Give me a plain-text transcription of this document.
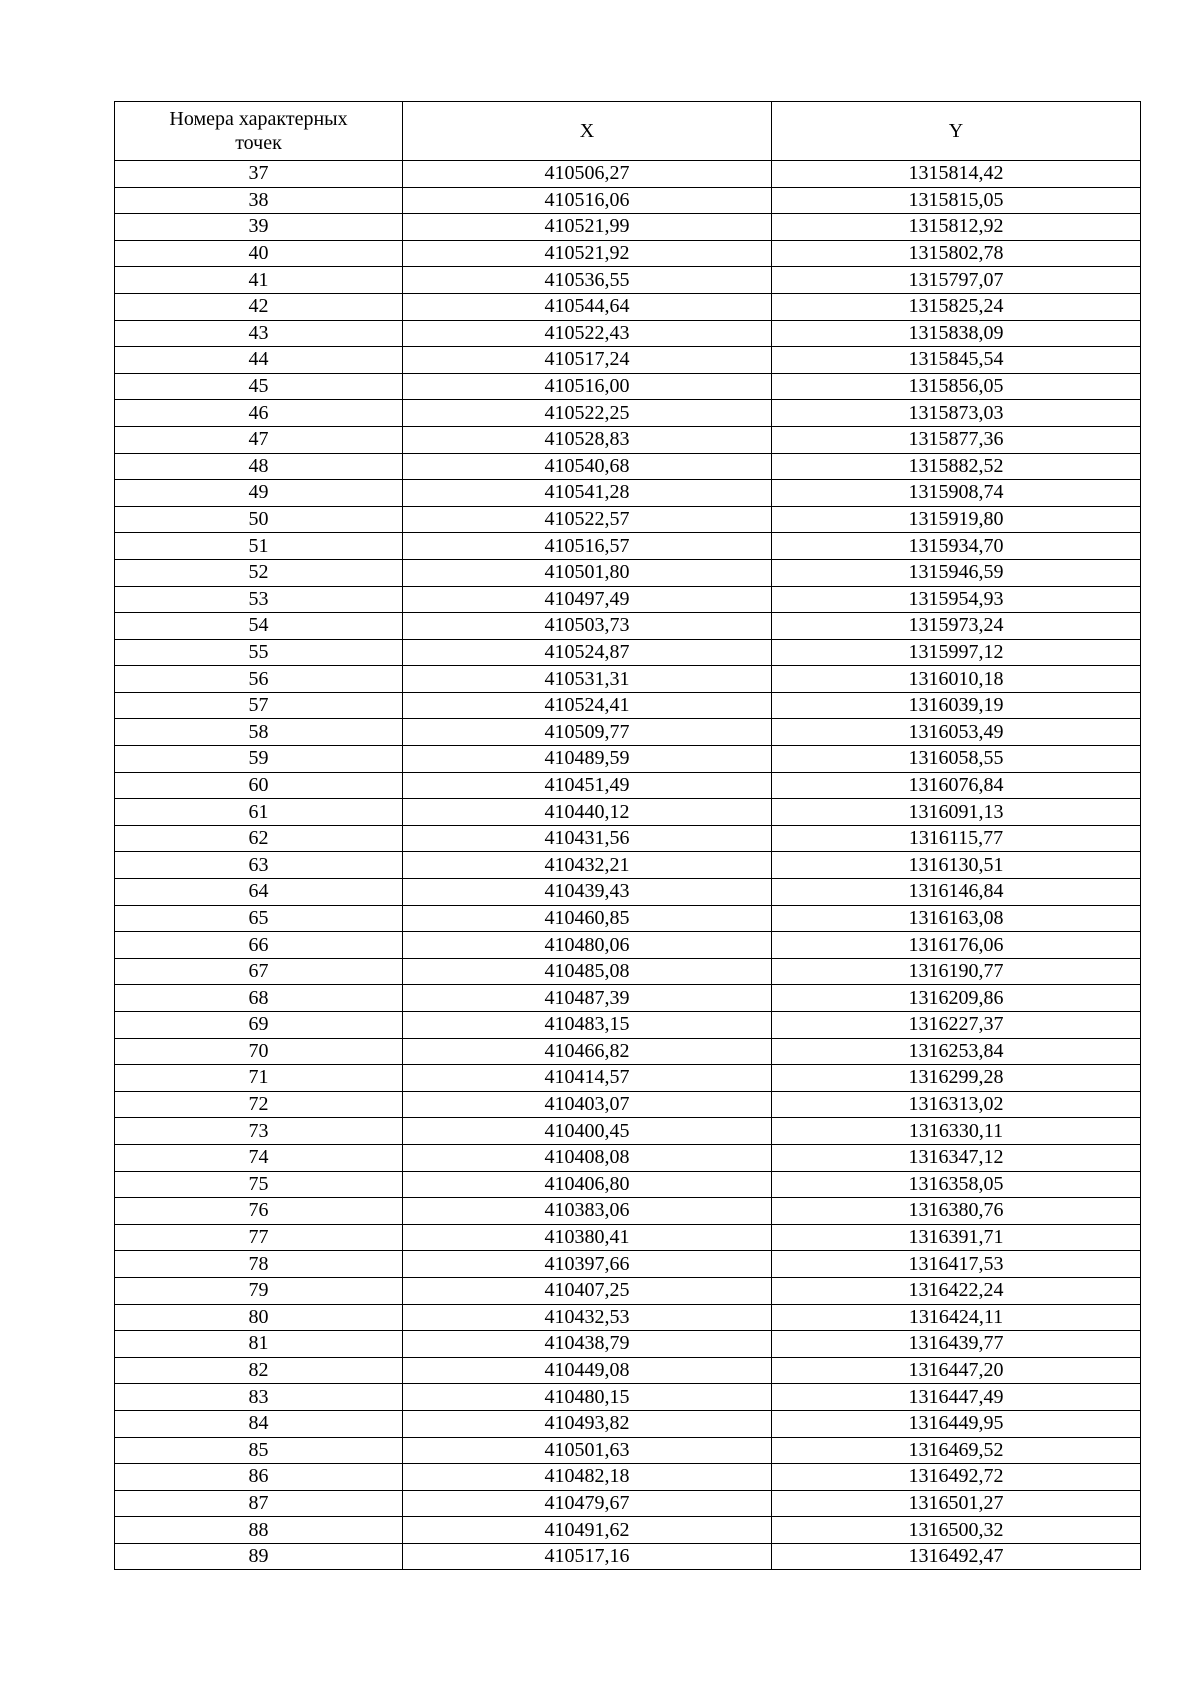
Номера характерных точек	X	Y
37	410506,27	1315814,42
38	410516,06	1315815,05
39	410521,99	1315812,92
40	410521,92	1315802,78
41	410536,55	1315797,07
42	410544,64	1315825,24
43	410522,43	1315838,09
44	410517,24	1315845,54
45	410516,00	1315856,05
46	410522,25	1315873,03
47	410528,83	1315877,36
48	410540,68	1315882,52
49	410541,28	1315908,74
50	410522,57	1315919,80
51	410516,57	1315934,70
52	410501,80	1315946,59
53	410497,49	1315954,93
54	410503,73	1315973,24
55	410524,87	1315997,12
56	410531,31	1316010,18
57	410524,41	1316039,19
58	410509,77	1316053,49
59	410489,59	1316058,55
60	410451,49	1316076,84
61	410440,12	1316091,13
62	410431,56	1316115,77
63	410432,21	1316130,51
64	410439,43	1316146,84
65	410460,85	1316163,08
66	410480,06	1316176,06
67	410485,08	1316190,77
68	410487,39	1316209,86
69	410483,15	1316227,37
70	410466,82	1316253,84
71	410414,57	1316299,28
72	410403,07	1316313,02
73	410400,45	1316330,11
74	410408,08	1316347,12
75	410406,80	1316358,05
76	410383,06	1316380,76
77	410380,41	1316391,71
78	410397,66	1316417,53
79	410407,25	1316422,24
80	410432,53	1316424,11
81	410438,79	1316439,77
82	410449,08	1316447,20
83	410480,15	1316447,49
84	410493,82	1316449,95
85	410501,63	1316469,52
86	410482,18	1316492,72
87	410479,67	1316501,27
88	410491,62	1316500,32
89	410517,16	1316492,47
